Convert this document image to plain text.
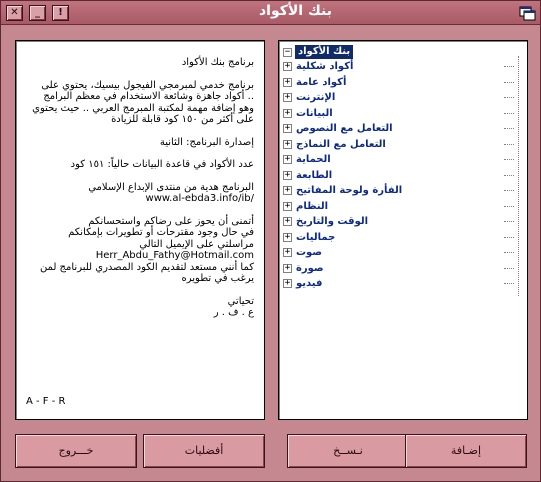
✕	_	!	بنك الأكواد

برنامج بنك الأكواد

برنامج خدمي لمبرمجي الفيجول بيسيك، يحتوي على

.. أكواد جاهزة وشائعة الاستخدام في معظم البرامج

وهو إضافة مهمة لمكتبة المبرمج العربي .. حيث يحتوي

على أكثر من ١٥٠ كود قابلة للزيادة

إصدارة البرنامج: الثانية

عدد الأكواد في قاعدة البيانات حالياً: ١٥١ كود

البرنامج هدية من منتدى الإبداع الإسلامي

www.al-ebda3.info/ib/

أتمنى أن يحوز على رضاكم واستحسانكم

في حال وجود مقترحات أو تطويرات بإمكانكم

مراسلتي على الإيميل التالي

Herr_Abdu_Fathy@Hotmail.com

كما أنني مستعد لتقديم الكود المصدري للبرنامج لمن

يرغب في تطويره

تحياتي

ع . ف . ر

A - F - R
بنك الأكواد
−
أكواد شكلية
+
أكواد عامة
+
الإنترنت
+
البيانات
+
التعامل مع النصوص
+
التعامل مع النماذج
+
الحماية
+
الطابعة
+
الفأرة ولوحة المفاتيح
+
النظام
+
الوقت والتاريخ
+
جماليات
+
صوت
+
صورة
+
فيديو
+
خـــروج	أفضليات	نـســخ	إضـافة
